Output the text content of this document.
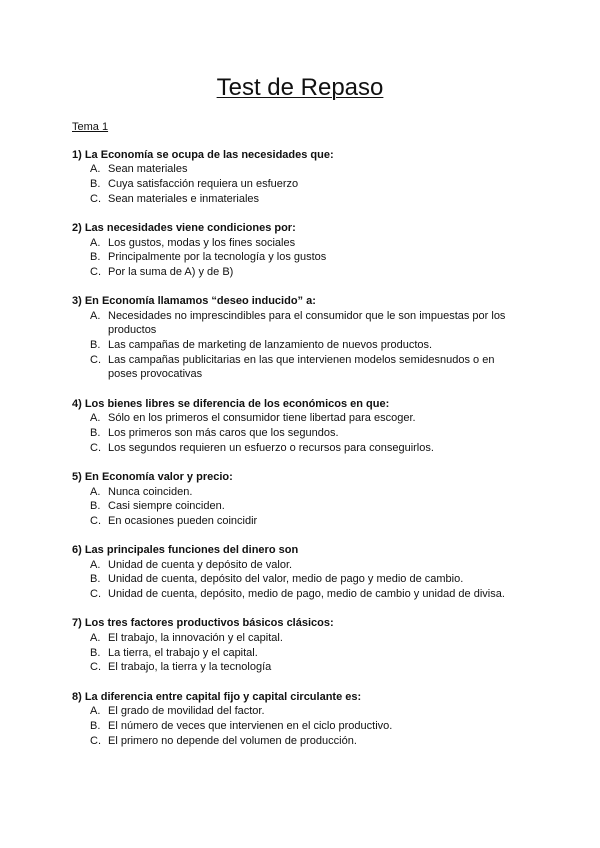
Test de Repaso

Tema 1

1) La Economía se ocupa de las necesidades que:

A. Sean materiales
B. Cuya satisfacción requiera un esfuerzo
C. Sean materiales e inmateriales

2) Las necesidades viene condiciones por:

A. Los gustos, modas y los fines sociales
B. Principalmente por la tecnología y los gustos
C. Por la suma de A) y de B)

3) En Economía llamamos “deseo inducido” a:

A. Necesidades no imprescindibles para el consumidor que le son impuestas por los productos
B. Las campañas de marketing de lanzamiento de nuevos productos.
C. Las campañas publicitarias en las que intervienen modelos semidesnudos o en poses provocativas

4) Los bienes libres se diferencia de los económicos en que:

A. Sólo en los primeros el consumidor tiene libertad para escoger.
B. Los primeros son más caros que los segundos.
C. Los segundos requieren un esfuerzo o recursos para conseguirlos.

5) En Economía valor y precio:

A. Nunca coinciden.
B. Casi siempre coinciden.
C. En ocasiones pueden coincidir

6) Las principales funciones del dinero son

A. Unidad de cuenta y depósito de valor.
B. Unidad de cuenta, depósito del valor, medio de pago y medio de cambio.
C. Unidad de cuenta, depósito, medio de pago, medio de cambio y unidad de divisa.

7) Los tres factores productivos básicos clásicos:

A. El trabajo, la innovación y el capital.
B. La tierra, el trabajo y el capital.
C. El trabajo, la tierra y la tecnología

8) La diferencia entre capital fijo y capital circulante es:

A. El grado de movilidad del factor.
B. El número de veces que intervienen en el ciclo productivo.
C. El primero no depende del volumen de producción.
